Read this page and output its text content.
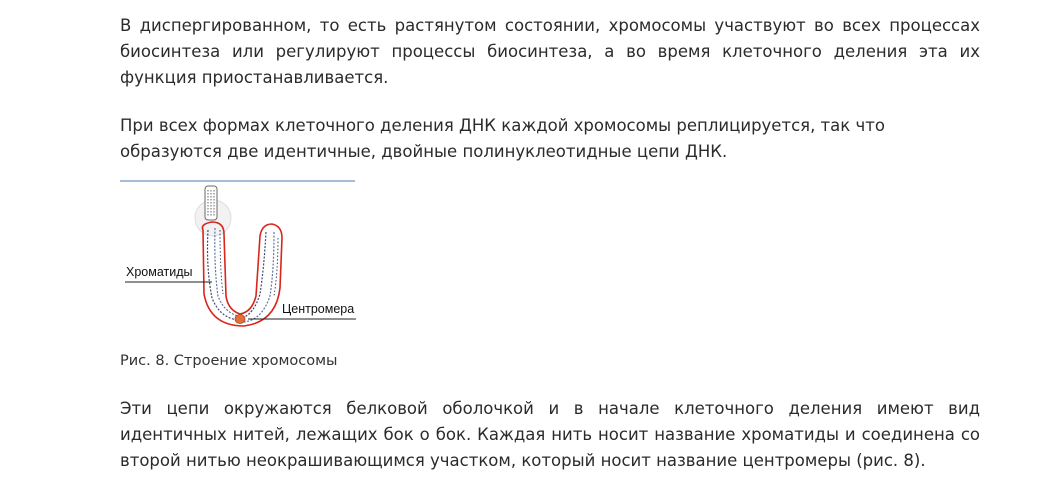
В диспергированном, то есть растянутом состоянии, хромосомы участвуют во всех процессах биосинтеза или регулируют процессы биосинтеза, а во время клеточного деления эта их функция приостанавливается.

При всех формах клеточного деления ДНК каждой хромосомы реплицируется, так что образуются две идентичные, двойные полинуклеотидные цепи ДНК.

Хроматиды
Центромера

Рис. 8. Строение хромосомы

Эти цепи окружаются белковой оболочкой и в начале клеточного деления имеют вид идентичных нитей, лежащих бок о бок. Каждая нить носит название хроматиды и соединена со второй нитью неокрашивающимся участком, который носит название центромеры (рис. 8).
